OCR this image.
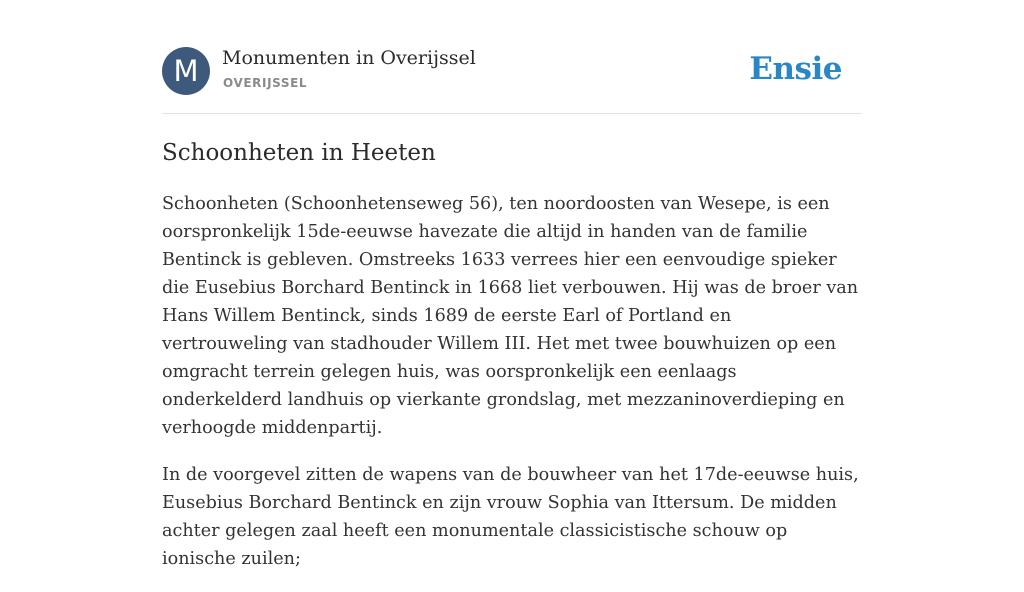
M	Monumenten in Overijssel
OVERIJSSEL	Ensie
Schoonheten in Heeten

Schoonheten (Schoonhetenseweg 56), ten noordoosten van Wesepe, is een oorspronkelijk 15de-eeuwse havezate die altijd in handen van de familie Bentinck is gebleven. Omstreeks 1633 verrees hier een eenvoudige spieker die Eusebius Borchard Bentinck in 1668 liet verbouwen. Hij was de broer van Hans Willem Bentinck, sinds 1689 de eerste Earl of Portland en vertrouweling van stadhouder Willem III. Het met twee bouwhuizen op een omgracht terrein gelegen huis, was oorspronkelijk een eenlaags onderkelderd landhuis op vierkante grondslag, met mezzaninoverdieping en verhoogde middenpartij.

In de voorgevel zitten de wapens van de bouwheer van het 17de-eeuwse huis, Eusebius Borchard Bentinck en zijn vrouw Sophia van Ittersum. De midden achter gelegen zaal heeft een monumentale classicistische schouw op ionische zuilen;
